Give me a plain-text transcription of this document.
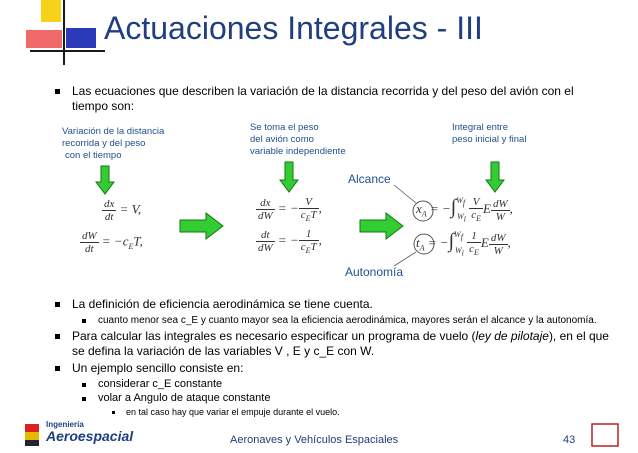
Actuaciones Integrales - III
Las ecuaciones que describen la variación de la distancia recorrida y del peso del avión con el tiempo son:
Variación de la distancia
recorrida y del peso
con el tiempo
Se toma el peso
del avión como
variable independiente
Integral entre
peso inicial y final
Alcance
Autonomía
$\frac{dx}{dt} = V$,
$\frac{dW}{dt} = -c_ET$,
$\frac{dx}{dW}$ = − $\frac{V}{c_ET}$ ,
$\frac{dt}{dW}$ = − $\frac{1}{c_ET}$ ,
$x_A = -\int^{W_f}W_i \frac{V}{c_E}$ E $\frac{dW}{W}$ ,
$t_A = -\int^{W_f}W_i \frac{1}{c_E}$ E $\frac{dW}{W}$ ,
La definición de eficiencia aerodinámica se tiene cuenta.
cuanto menor sea c_E y cuanto mayor sea la eficiencia aerodinámica, mayores serán el alcance y la autonomía.
Para calcular las integrales es necesario especificar un programa de vuelo (ley de pilotaje), en el que
se defina la variación de las variables V , E y c_E con W.
Un ejemplo sencillo consiste en:
considerar c_E constante
volar a Angulo de ataque constante
en tal caso hay que variar el empuje durante el vuelo.
Ingeniería
Aeroespacial	Aeronaves y Vehículos Espaciales	43
